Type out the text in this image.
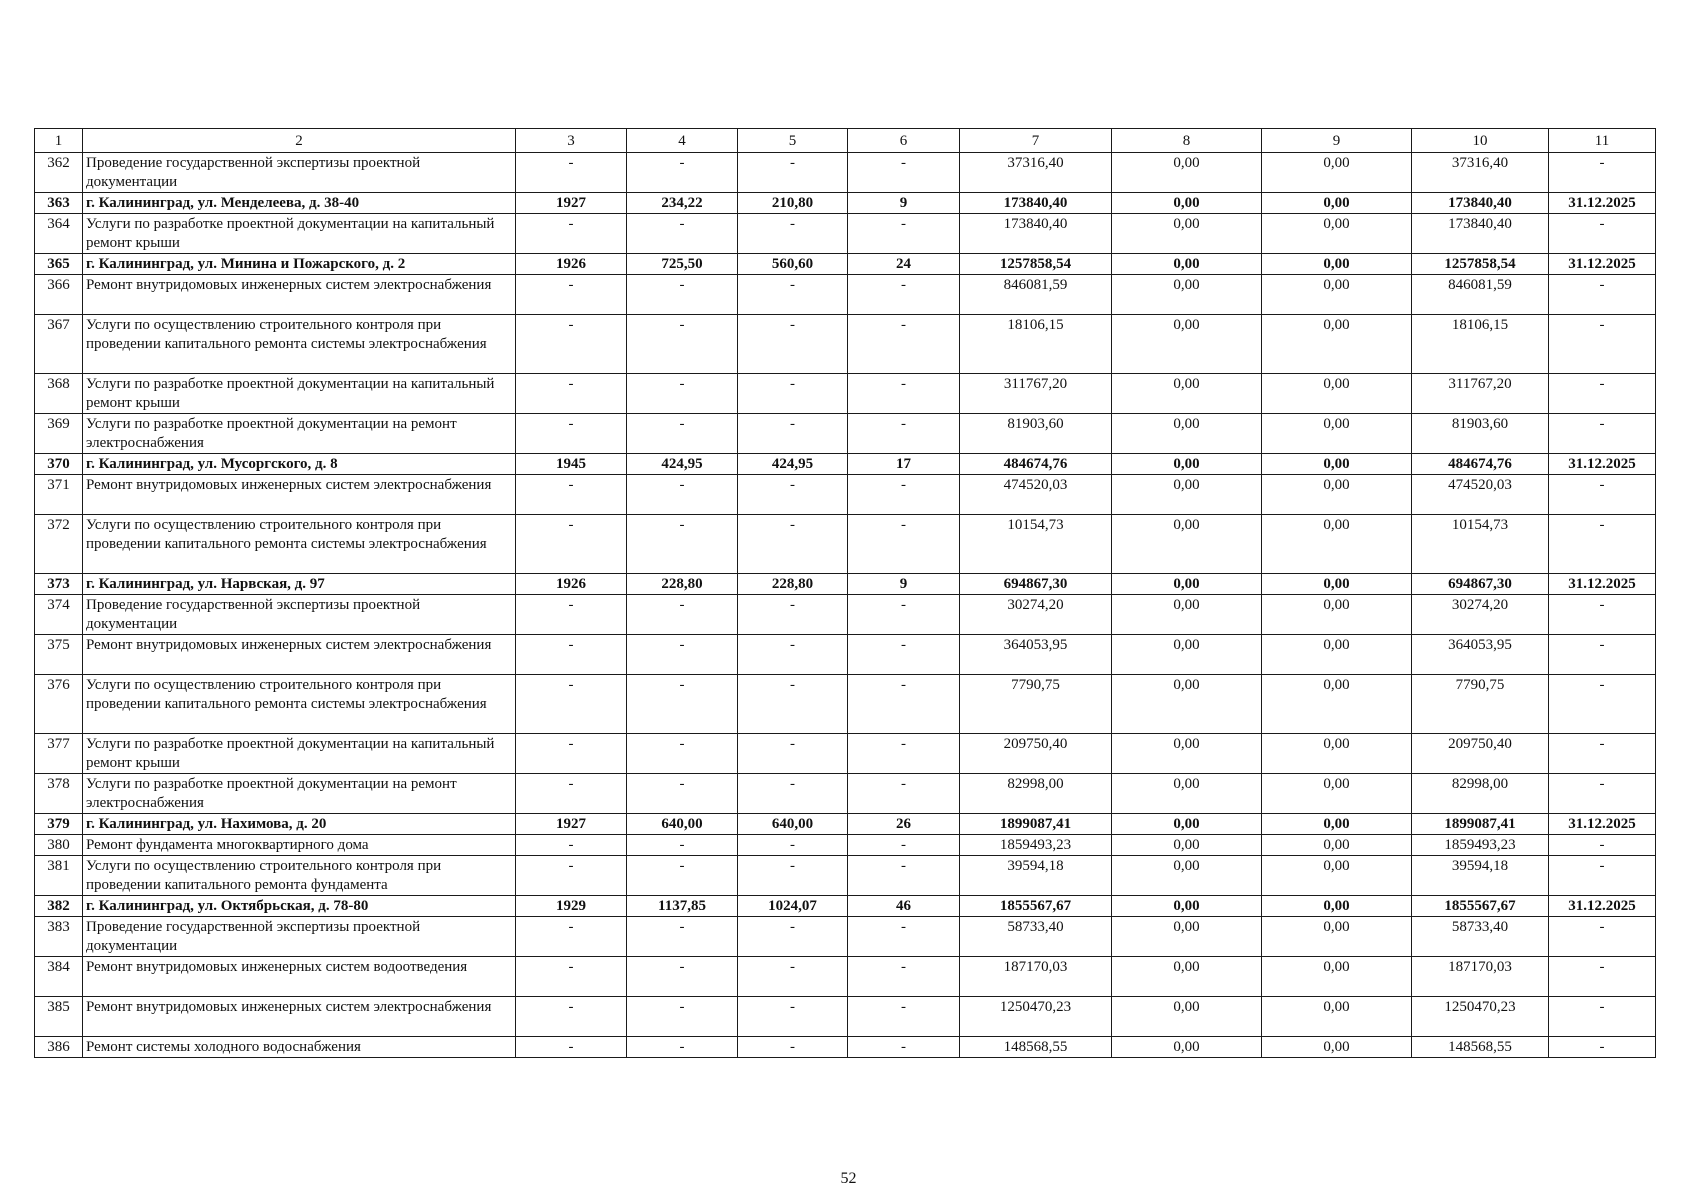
1	2	3	4	5	6	7	8	9	10	11
362	Проведение государственной экспертизы проектной документации	-	-	-	-	37316,40	0,00	0,00	37316,40	-
363	г. Калининград, ул. Менделеева, д. 38-40	1927	234,22	210,80	9	173840,40	0,00	0,00	173840,40	31.12.2025
364	Услуги по разработке проектной документации на капитальный ремонт крыши	-	-	-	-	173840,40	0,00	0,00	173840,40	-
365	г. Калининград, ул. Минина и Пожарского, д. 2	1926	725,50	560,60	24	1257858,54	0,00	0,00	1257858,54	31.12.2025
366	Ремонт внутридомовых инженерных систем электроснабжения	-	-	-	-	846081,59	0,00	0,00	846081,59	-
367	Услуги по осуществлению строительного контроля при проведении капитального ремонта системы электроснабжения	-	-	-	-	18106,15	0,00	0,00	18106,15	-
368	Услуги по разработке проектной документации на капитальный ремонт крыши	-	-	-	-	311767,20	0,00	0,00	311767,20	-
369	Услуги по разработке проектной документации на ремонт электроснабжения	-	-	-	-	81903,60	0,00	0,00	81903,60	-
370	г. Калининград, ул. Мусоргского, д. 8	1945	424,95	424,95	17	484674,76	0,00	0,00	484674,76	31.12.2025
371	Ремонт внутридомовых инженерных систем электроснабжения	-	-	-	-	474520,03	0,00	0,00	474520,03	-
372	Услуги по осуществлению строительного контроля при проведении капитального ремонта системы электроснабжения	-	-	-	-	10154,73	0,00	0,00	10154,73	-
373	г. Калининград, ул. Нарвская, д. 97	1926	228,80	228,80	9	694867,30	0,00	0,00	694867,30	31.12.2025
374	Проведение государственной экспертизы проектной документации	-	-	-	-	30274,20	0,00	0,00	30274,20	-
375	Ремонт внутридомовых инженерных систем электроснабжения	-	-	-	-	364053,95	0,00	0,00	364053,95	-
376	Услуги по осуществлению строительного контроля при проведении капитального ремонта системы электроснабжения	-	-	-	-	7790,75	0,00	0,00	7790,75	-
377	Услуги по разработке проектной документации на капитальный ремонт крыши	-	-	-	-	209750,40	0,00	0,00	209750,40	-
378	Услуги по разработке проектной документации на ремонт электроснабжения	-	-	-	-	82998,00	0,00	0,00	82998,00	-
379	г. Калининград, ул. Нахимова, д. 20	1927	640,00	640,00	26	1899087,41	0,00	0,00	1899087,41	31.12.2025
380	Ремонт фундамента многоквартирного дома	-	-	-	-	1859493,23	0,00	0,00	1859493,23	-
381	Услуги по осуществлению строительного контроля при проведении капитального ремонта фундамента	-	-	-	-	39594,18	0,00	0,00	39594,18	-
382	г. Калининград, ул. Октябрьская, д. 78-80	1929	1137,85	1024,07	46	1855567,67	0,00	0,00	1855567,67	31.12.2025
383	Проведение государственной экспертизы проектной документации	-	-	-	-	58733,40	0,00	0,00	58733,40	-
384	Ремонт внутридомовых инженерных систем водоотведения	-	-	-	-	187170,03	0,00	0,00	187170,03	-
385	Ремонт внутридомовых инженерных систем электроснабжения	-	-	-	-	1250470,23	0,00	0,00	1250470,23	-
386	Ремонт системы холодного водоснабжения	-	-	-	-	148568,55	0,00	0,00	148568,55	-
52
